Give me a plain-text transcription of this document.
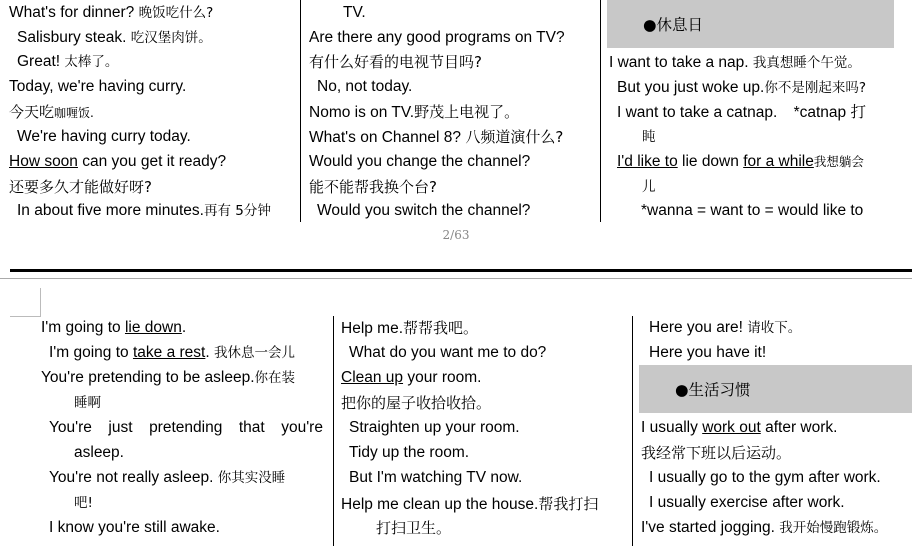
What's for dinner? 晚饭吃什么?
Salisbury steak. 吃汉堡肉饼。
Great! 太棒了。
Today, we're having curry.
今天吃咖喱饭.
We're having curry today.
How soon can you get it ready?
还要多久才能做好呀?
In about five more minutes.再有 5分钟
TV.
Are there any good programs on TV?
有什么好看的电视节目吗?
No, not today.
Nomo is on TV.野茂上电视了。
What's on Channel 8? 八频道演什么?
Would you change the channel?
能不能帮我换个台?
Would you switch the channel?
●休息日
I want to take a nap. 我真想睡个午觉。
But you just woke up.你不是刚起来吗?
I want to take a catnap. *catnap 打
盹
I'd like to lie down for a while我想躺会
儿
*wanna = want to = would like to
2/63
I'm going to lie down.
I'm going to take a rest. 我休息一会儿
You're pretending to be asleep.你在装
睡啊
You're just pretending that you're
asleep.
You're not really asleep. 你其实没睡
吧!
I know you're still awake.
Help me.帮帮我吧。
What do you want me to do?
Clean up your room.
把你的屋子收拾收拾。
Straighten up your room.
Tidy up the room.
But I'm watching TV now.
Help me clean up the house.帮我打扫
打扫卫生。
Here you are! 请收下。
Here you have it!
●生活习惯
I usually work out after work.
我经常下班以后运动。
I usually go to the gym after work.
I usually exercise after work.
I've started jogging. 我开始慢跑锻炼。
